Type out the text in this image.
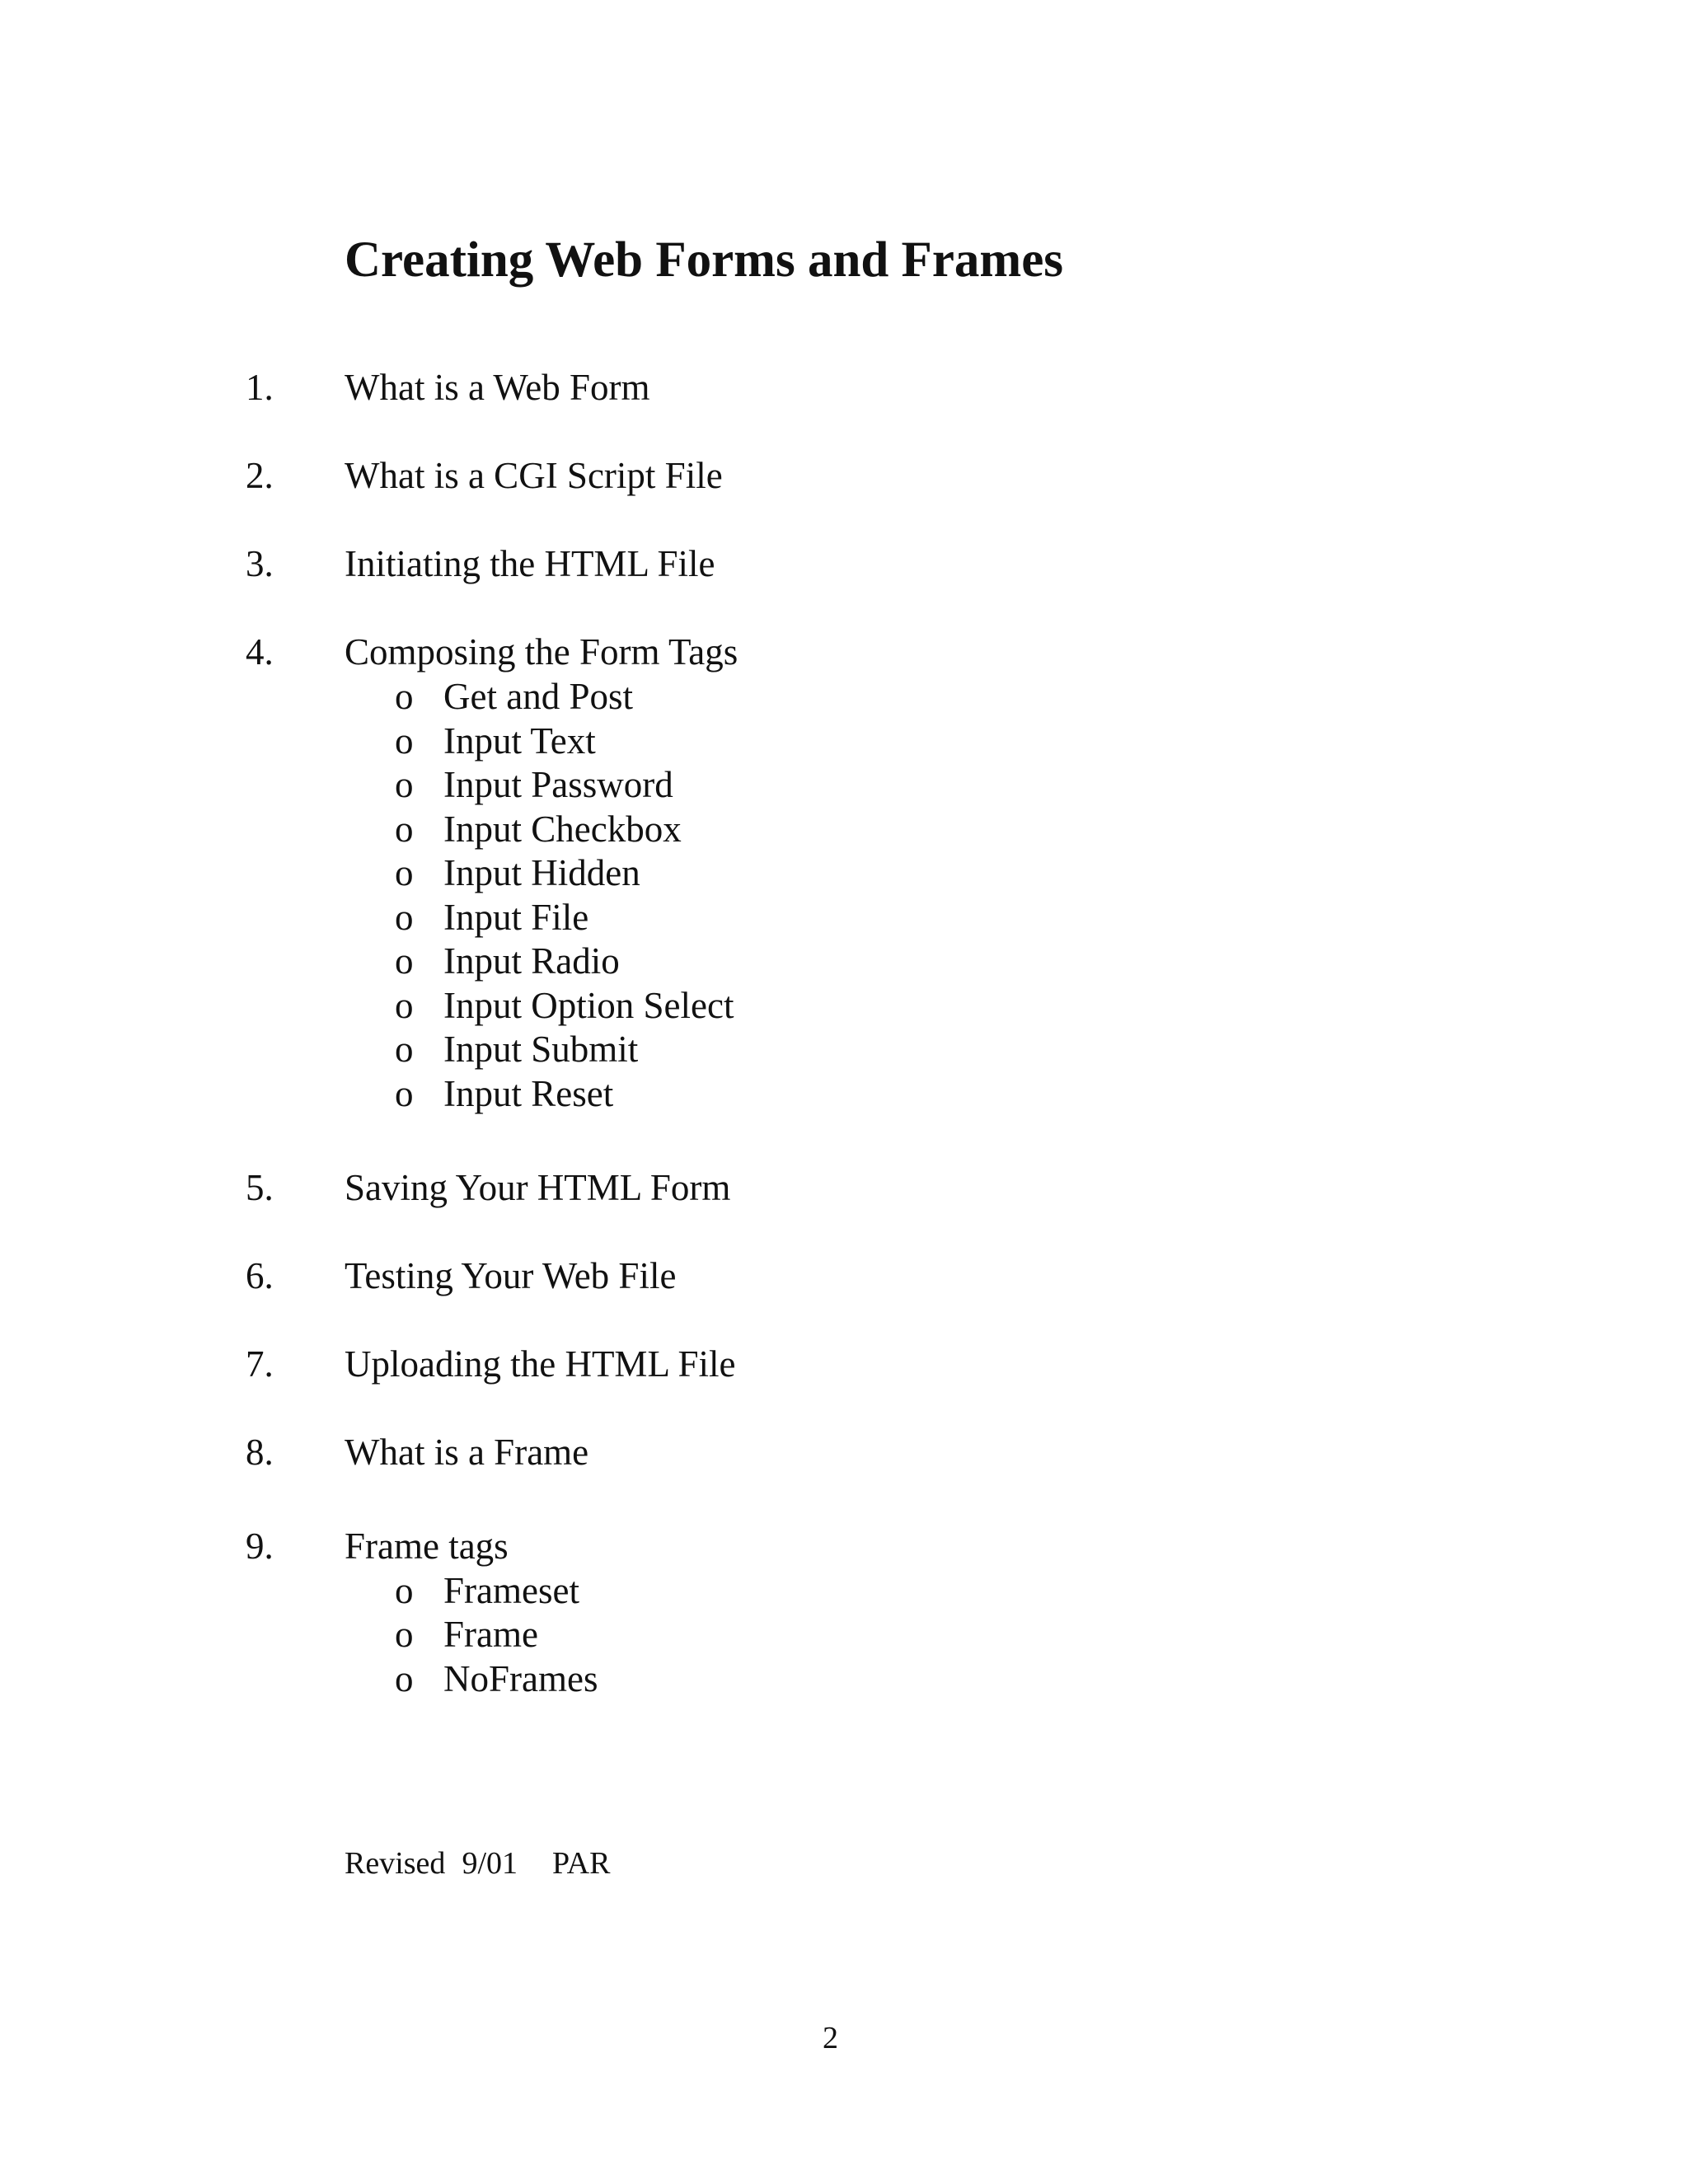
Creating Web Forms and Frames
1. What is a Web Form
2. What is a CGI Script File
3. Initiating the HTML File
4. Composing the Form Tags
o Get and Post
o Input Text
o Input Password
o Input Checkbox
o Input Hidden
o Input File
o Input Radio
o Input Option Select
o Input Submit
o Input Reset
5. Saving Your HTML Form
6. Testing Your Web File
7. Uploading the HTML File
8. What is a Frame
9. Frame tags
o Frameset
o Frame
o NoFrames
Revised 9/01 PAR
2
